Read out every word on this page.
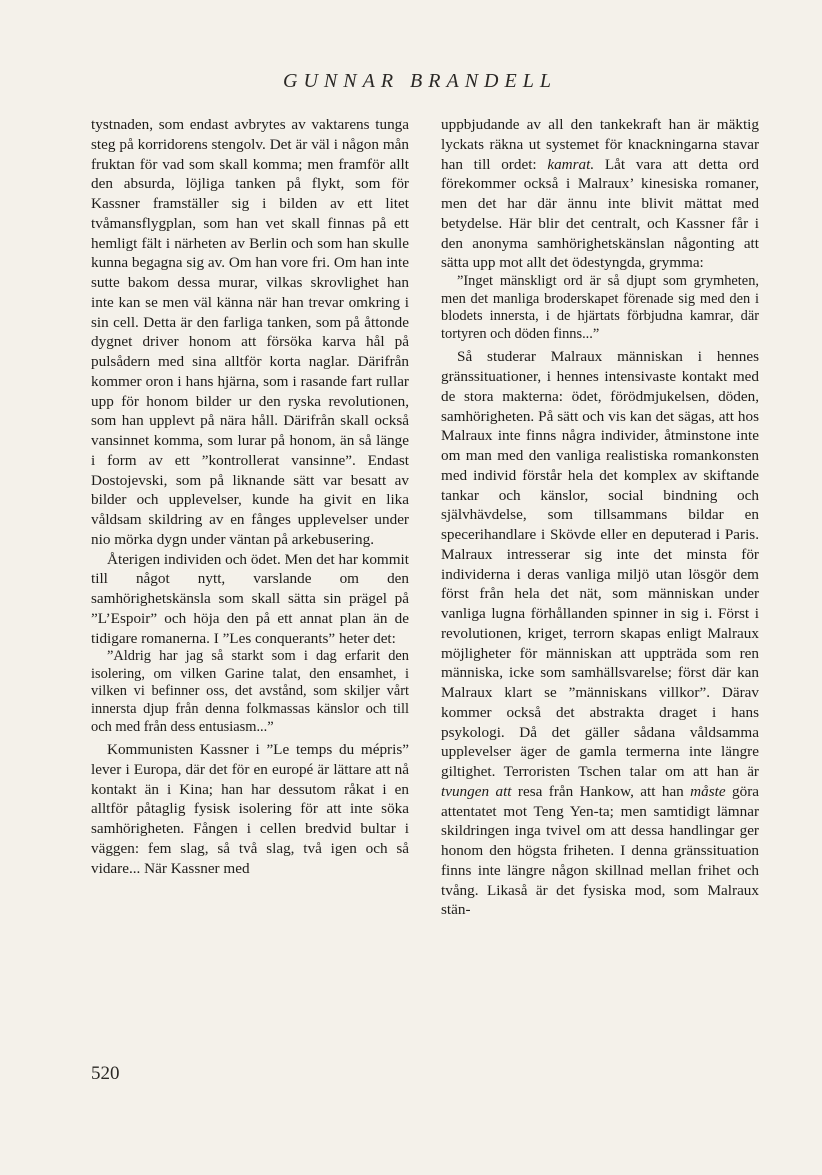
GUNNAR BRANDELL

tystnaden, som endast avbrytes av vaktarens tunga steg på korridorens stengolv. Det är väl i någon mån fruktan för vad som skall komma; men framför allt den absurda, löjliga tanken på flykt, som för Kassner framställer sig i bilden av ett litet tvåmansflygplan, som han vet skall finnas på ett hemligt fält i närheten av Berlin och som han skulle kunna begagna sig av. Om han vore fri. Om han inte sutte bakom dessa murar, vilkas skrovlighet han inte kan se men väl känna när han trevar omkring i sin cell. Detta är den farliga tanken, som på åttonde dygnet driver honom att försöka karva hål på pulsådern med sina alltför korta naglar. Därifrån kommer oron i hans hjärna, som i rasande fart rullar upp för honom bilder ur den ryska revolutionen, som han upplevt på nära håll. Därifrån skall också vansinnet komma, som lurar på honom, än så länge i form av ett ”kontrollerat vansinne”. Endast Dostojevski, som på liknande sätt var besatt av bilder och upplevelser, kunde ha givit en lika våldsam skildring av en fånges upplevelser under nio mörka dygn under väntan på arkebusering.

Återigen individen och ödet. Men det har kommit till något nytt, varslande om den samhörighetskänsla som skall sätta sin prägel på ”L’Espoir” och höja den på ett annat plan än de tidigare romanerna. I ”Les conquerants” heter det:

”Aldrig har jag så starkt som i dag erfarit den isolering, om vilken Garine talat, den ensamhet, i vilken vi befinner oss, det avstånd, som skiljer vårt innersta djup från denna folkmassas känslor och till och med från dess entusiasm...”

Kommunisten Kassner i ”Le temps du mépris” lever i Europa, där det för en europé är lättare att nå kontakt än i Kina; han har dessutom råkat i en alltför påtaglig fysisk isolering för att inte söka samhörigheten. Fången i cellen bredvid bultar i väggen: fem slag, så två slag, två igen och så vidare... När Kassner med

uppbjudande av all den tankekraft han är mäktig lyckats räkna ut systemet för knackningarna stavar han till ordet: kamrat. Låt vara att detta ord förekommer också i Malraux’ kinesiska romaner, men det har där ännu inte blivit mättat med betydelse. Här blir det centralt, och Kassner får i den anonyma samhörighetskänslan någonting att sätta upp mot allt det ödestyngda, grymma:

”Inget mänskligt ord är så djupt som grymheten, men det manliga broderskapet förenade sig med den i blodets innersta, i de hjärtats förbjudna kamrar, där tortyren och döden finns...”

Så studerar Malraux människan i hennes gränssituationer, i hennes intensivaste kontakt med de stora makterna: ödet, förödmjukelsen, döden, samhörigheten. På sätt och vis kan det sägas, att hos Malraux inte finns några individer, åtminstone inte om man med den vanliga realistiska romankonsten med individ förstår hela det komplex av skiftande tankar och känslor, social bindning och självhävdelse, som tillsammans bildar en specerihandlare i Skövde eller en deputerad i Paris. Malraux intresserar sig inte det minsta för individerna i deras vanliga miljö utan lösgör dem först från hela det nät, som människan under vanliga lugna förhållanden spinner in sig i. Först i revolutionen, kriget, terrorn skapas enligt Malraux möjligheter för människan att uppträda som ren människa, icke som samhällsvarelse; först där kan Malraux klart se ”människans villkor”. Därav kommer också det abstrakta draget i hans psykologi. Då det gäller sådana våldsamma upplevelser äger de gamla termerna inte längre giltighet. Terroristen Tschen talar om att han är tvungen att resa från Hankow, att han måste göra attentatet mot Teng Yen-ta; men samtidigt lämnar skildringen inga tvivel om att dessa handlingar ger honom den högsta friheten. I denna gränssituation finns inte längre någon skillnad mellan frihet och tvång. Likaså är det fysiska mod, som Malraux stän-

520
